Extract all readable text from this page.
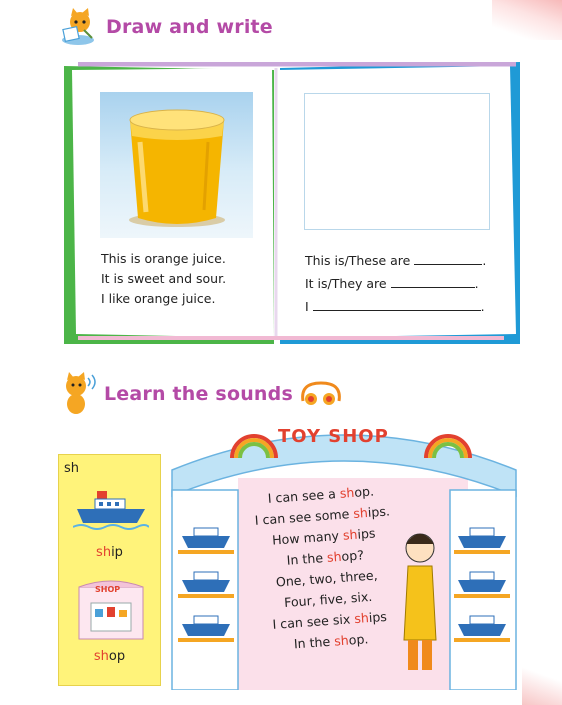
Draw and write
This is orange juice.
It is sweet and sour.
I like orange juice.
This is/These are	.
It is/They are	.
I	.
Learn the sounds
sh
ship
SHOP
shop
TOY SHOP
I can see a shop.
I can see some ships.
How many ships
In the shop?
One, two, three,
Four, five, six.
I can see six ships
In the shop.
